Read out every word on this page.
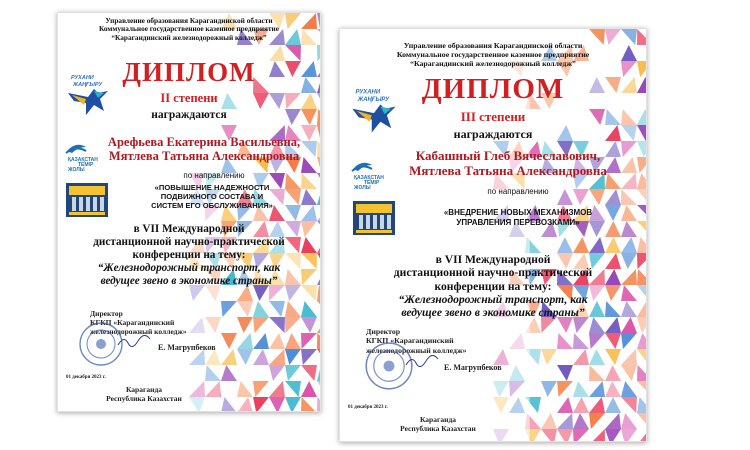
Управление образования Карагандинской области
Коммунальное государственное казенное предприятие
“Карагандинский железнодорожный колледж”
РУХАНИ
ЖАҢҒЫРУ ДИПЛОМ
II степени
награждаются
ҚАЗАҚСТАН
ТЕМІР
ЖОЛЫ
Арефьева Екатерина Васильевна,
Мятлева Татьяна Александровна
по направлению
«ПОВЫШЕНИЕ НАДЕЖНОСТИ
ПОДВИЖНОГО СОСТАВА И
СИСТЕМ ЕГО ОБСЛУЖИВАНИЯ»
в VII Международной
дистанционной научно-практической
конференции на тему:
“Железнодорожный транспорт, как
ведущее звено в экономике страны”
Директор
КГКП «Карагандинский
железнодорожный колледж»
Е. Магрупбеков
01 декабря 2023 г.
Караганда
Республика Казахстан
Управление образования Карагандинской области
Коммунальное государственное казенное предприятие
“Карагандинский железнодорожный колледж”
РУХАНИ
ЖАҢҒЫРУ	ДИПЛОМ
III степени
награждаются
ҚАЗАҚСТАН
ТЕМІР
ЖОЛЫ
Кабашный Глеб Вячеславович,
Мятлева Татьяна Александровна
по направлению
«ВНЕДРЕНИЕ НОВЫХ МЕХАНИЗМОВ
УПРАВЛЕНИЯ ПЕРЕВОЗКАМИ»
в VII Международной
дистанционной научно-практической
конференции на тему:
“Железнодорожный транспорт, как
ведущее звено в экономике страны”
Директор
КГКП «Карагандинский
железнодорожный колледж»
Е. Магрупбеков
01 декабря 2023 г.
Караганда
Республика Казахстан
